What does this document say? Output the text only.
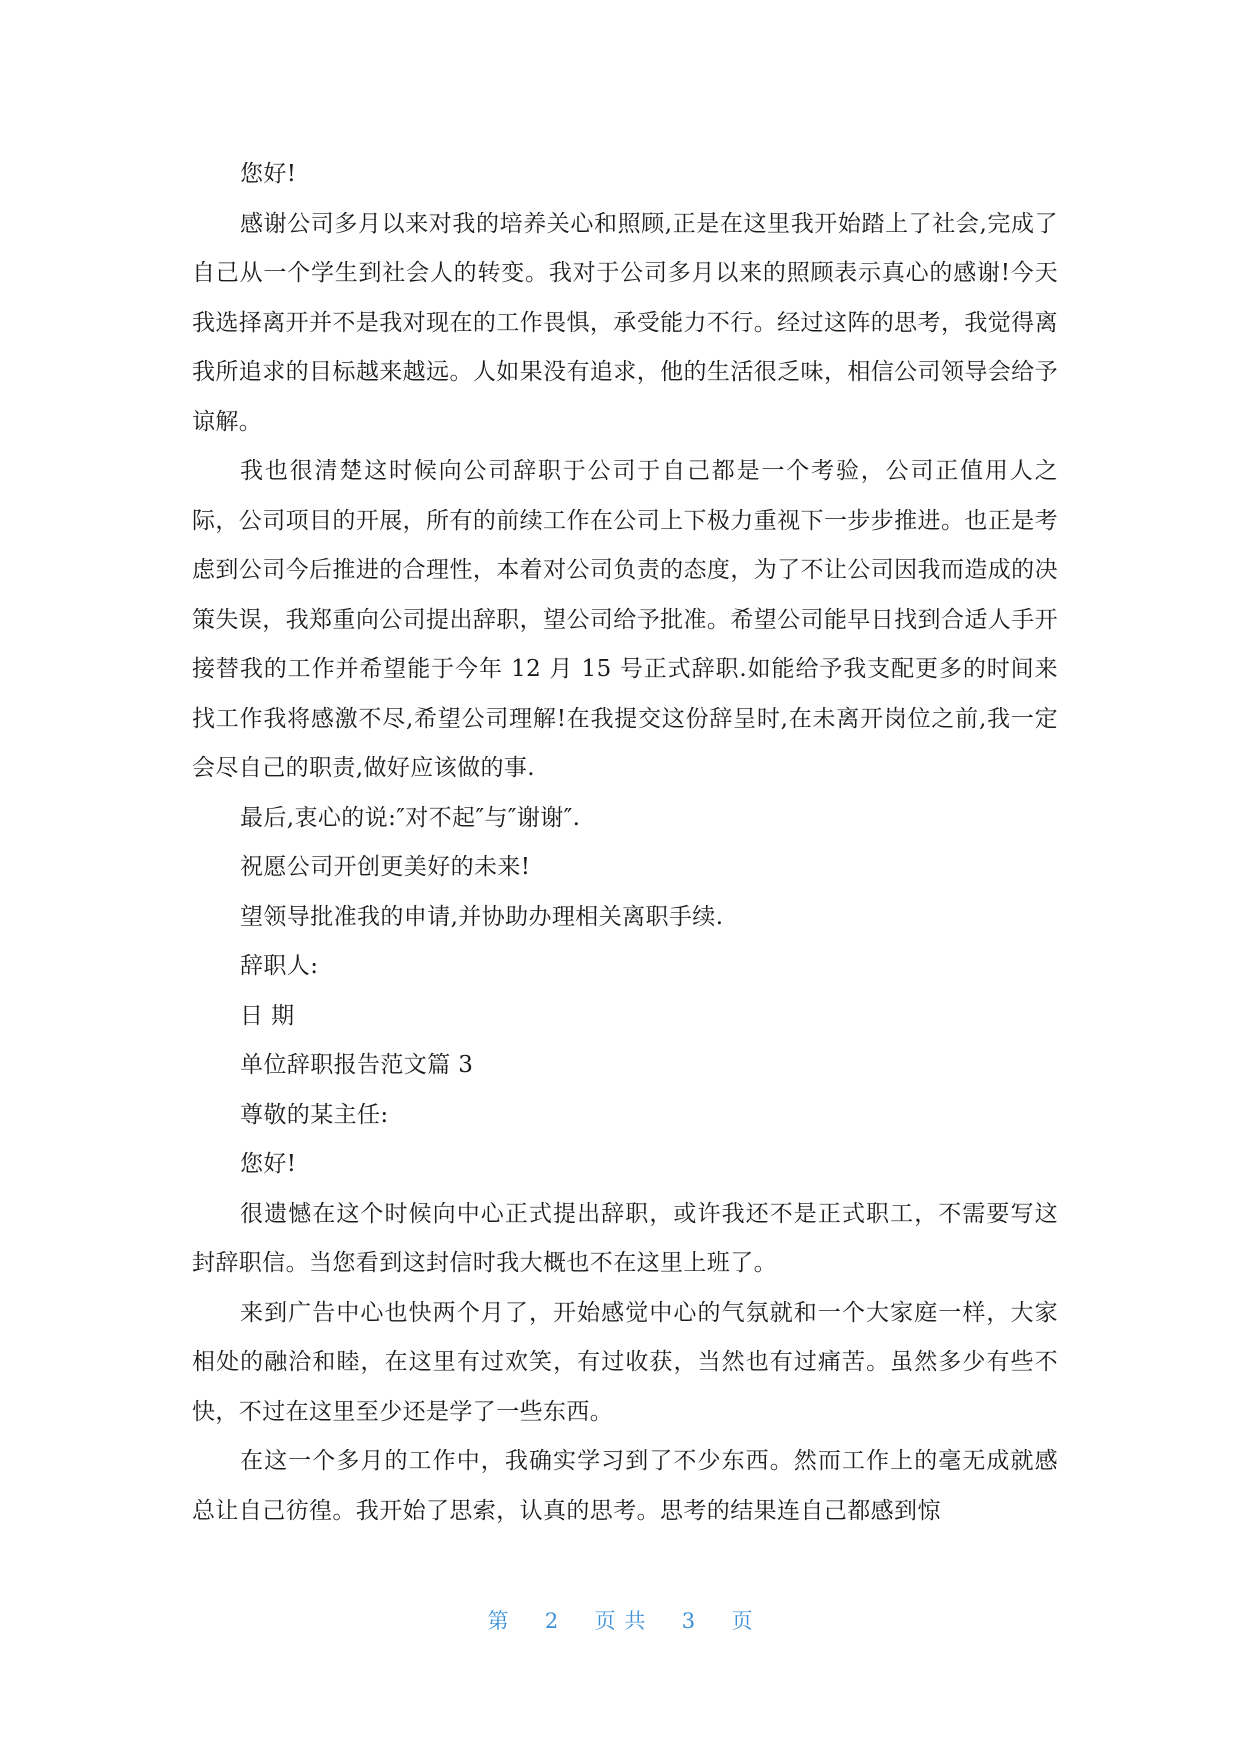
您好!

感谢公司多月以来对我的培养关心和照顾,正是在这里我开始踏上了社会,完成了自己从一个学生到社会人的转变。我对于公司多月以来的照顾表示真心的感谢!今天我选择离开并不是我对现在的工作畏惧，承受能力不行。经过这阵的思考，我觉得离我所追求的目标越来越远。人如果没有追求，他的生活很乏味，相信公司领导会给予谅解。

我也很清楚这时候向公司辞职于公司于自己都是一个考验，公司正值用人之际，公司项目的开展，所有的前续工作在公司上下极力重视下一步步推进。也正是考虑到公司今后推进的合理性，本着对公司负责的态度，为了不让公司因我而造成的决策失误，我郑重向公司提出辞职，望公司给予批准。希望公司能早日找到合适人手开接替我的工作并希望能于今年 12 月 15 号正式辞职.如能给予我支配更多的时间来找工作我将感激不尽,希望公司理解!在我提交这份辞呈时,在未离开岗位之前,我一定会尽自己的职责,做好应该做的事.

最后,衷心的说:″对不起″与″谢谢″.

祝愿公司开创更美好的未来!

望领导批准我的申请,并协助办理相关离职手续.

辞职人:

日 期

单位辞职报告范文篇 3

尊敬的某主任:

您好!

很遗憾在这个时候向中心正式提出辞职，或许我还不是正式职工，不需要写这封辞职信。当您看到这封信时我大概也不在这里上班了。

来到广告中心也快两个月了，开始感觉中心的气氛就和一个大家庭一样，大家相处的融洽和睦，在这里有过欢笑，有过收获，当然也有过痛苦。虽然多少有些不快，不过在这里至少还是学了一些东西。

在这一个多月的工作中，我确实学习到了不少东西。然而工作上的毫无成就感总让自己彷徨。我开始了思索，认真的思考。思考的结果连自己都感到惊

第 2 页 共 3 页
